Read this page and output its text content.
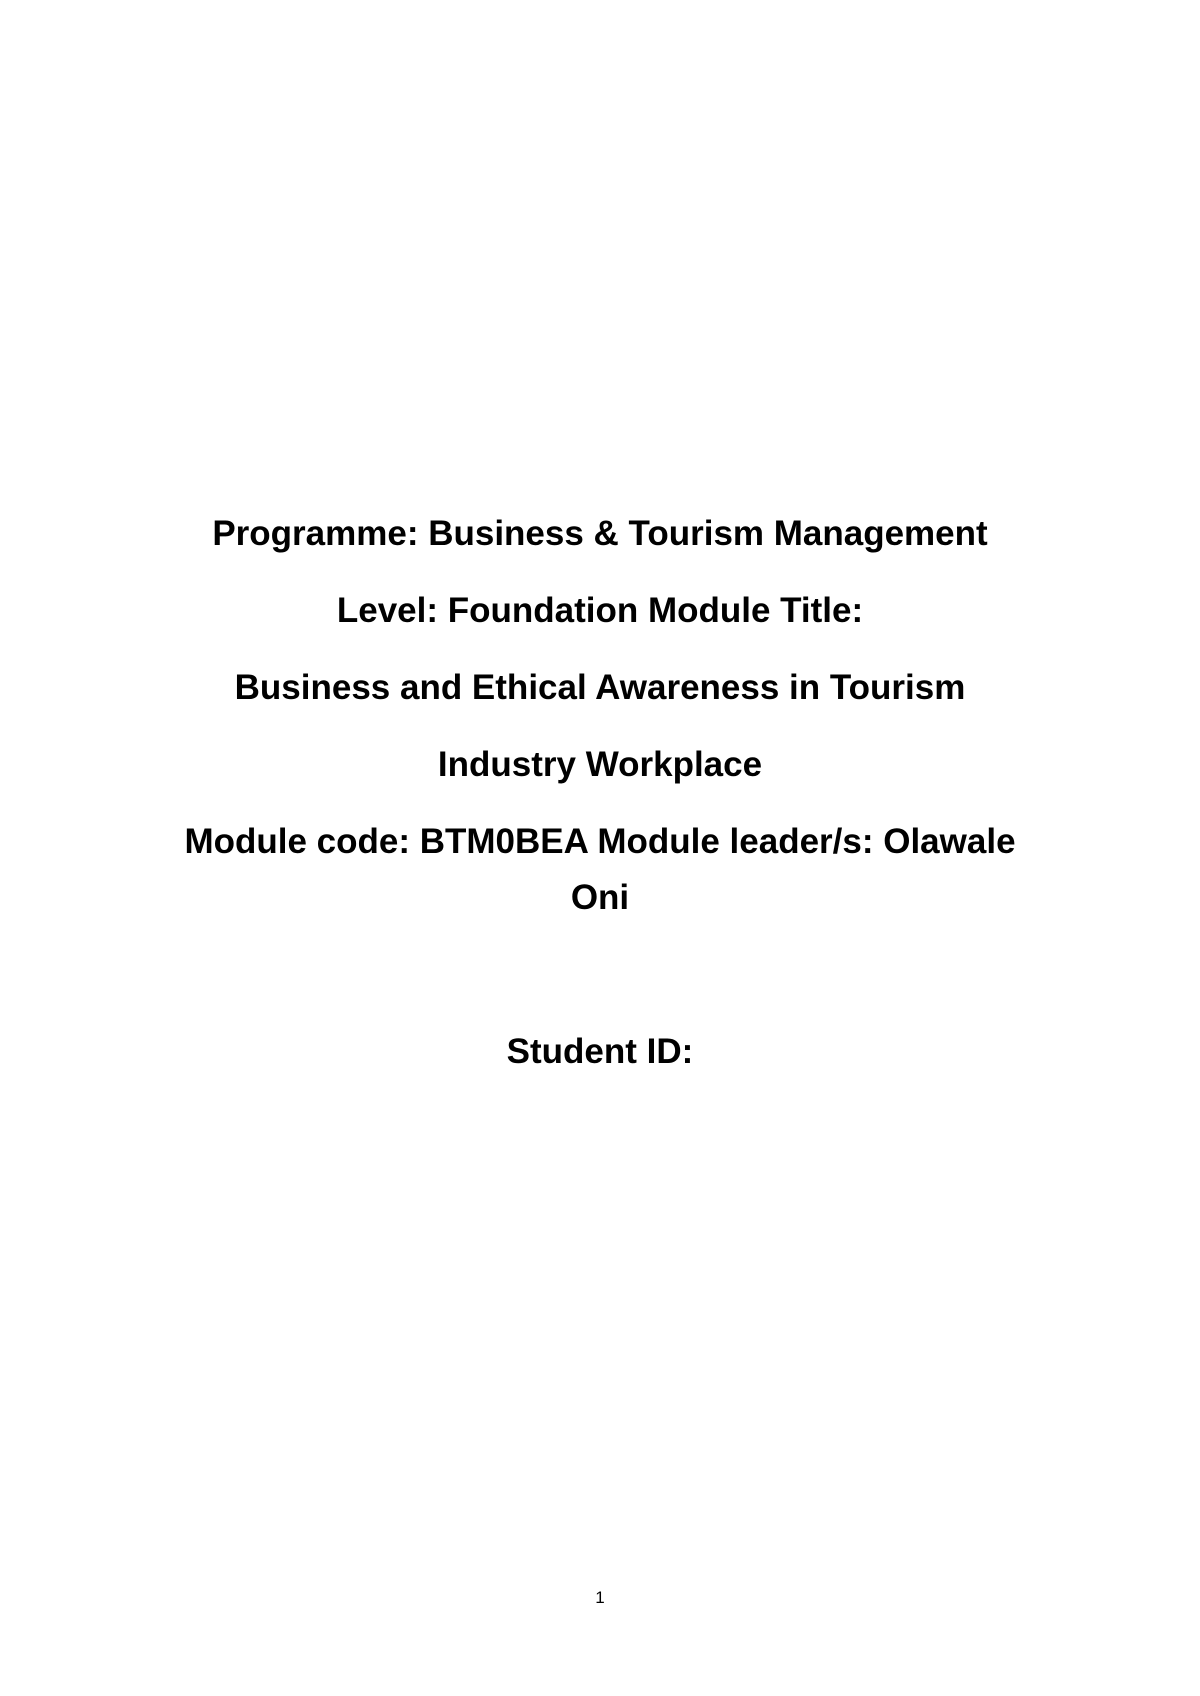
Programme: Business & Tourism Management
Level: Foundation Module Title:
Business and Ethical Awareness in Tourism
Industry Workplace
Module code: BTM0BEA Module leader/s: Olawale
Oni
Student ID:
1
